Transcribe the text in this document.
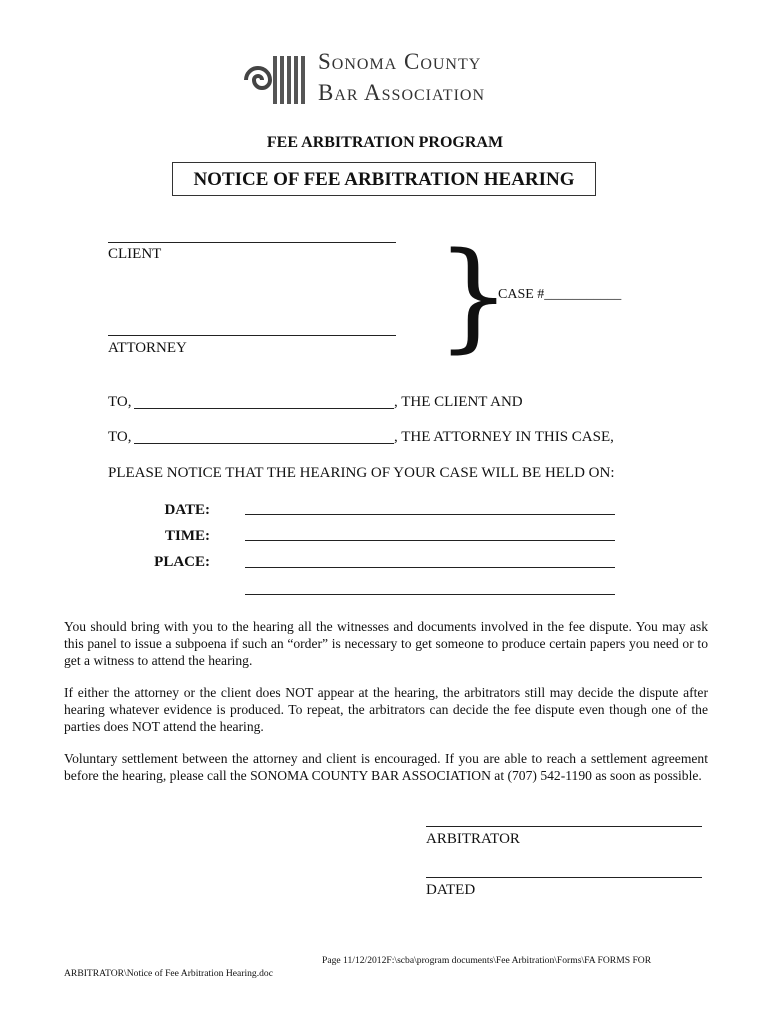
Sonoma County
Bar Association
FEE ARBITRATION PROGRAM
NOTICE OF FEE ARBITRATION HEARING
CLIENT }
CASE #___________
ATTORNEY
TO,	, THE CLIENT AND
TO,	, THE ATTORNEY IN THIS CASE,
PLEASE NOTICE THAT THE HEARING OF YOUR CASE WILL BE HELD ON:
DATE:
TIME:
PLACE:
You should bring with you to the hearing all the witnesses and documents involved in the fee dispute. You may ask this panel to issue a subpoena if such an “order” is necessary to get someone to produce certain papers you need or to get a witness to attend the hearing.
If either the attorney or the client does NOT appear at the hearing, the arbitrators still may decide the dispute after hearing whatever evidence is produced. To repeat, the arbitrators can decide the fee dispute even though one of the parties does NOT attend the hearing.
Voluntary settlement between the attorney and client is encouraged. If you are able to reach a settlement agreement before the hearing, please call the SONOMA COUNTY BAR ASSOCIATION at (707) 542-1190 as soon as possible.
ARBITRATOR
DATED
Page 11/12/2012F:\scba\program documents\Fee Arbitration\Forms\FA FORMS FOR
ARBITRATOR\Notice of Fee Arbitration Hearing.doc
